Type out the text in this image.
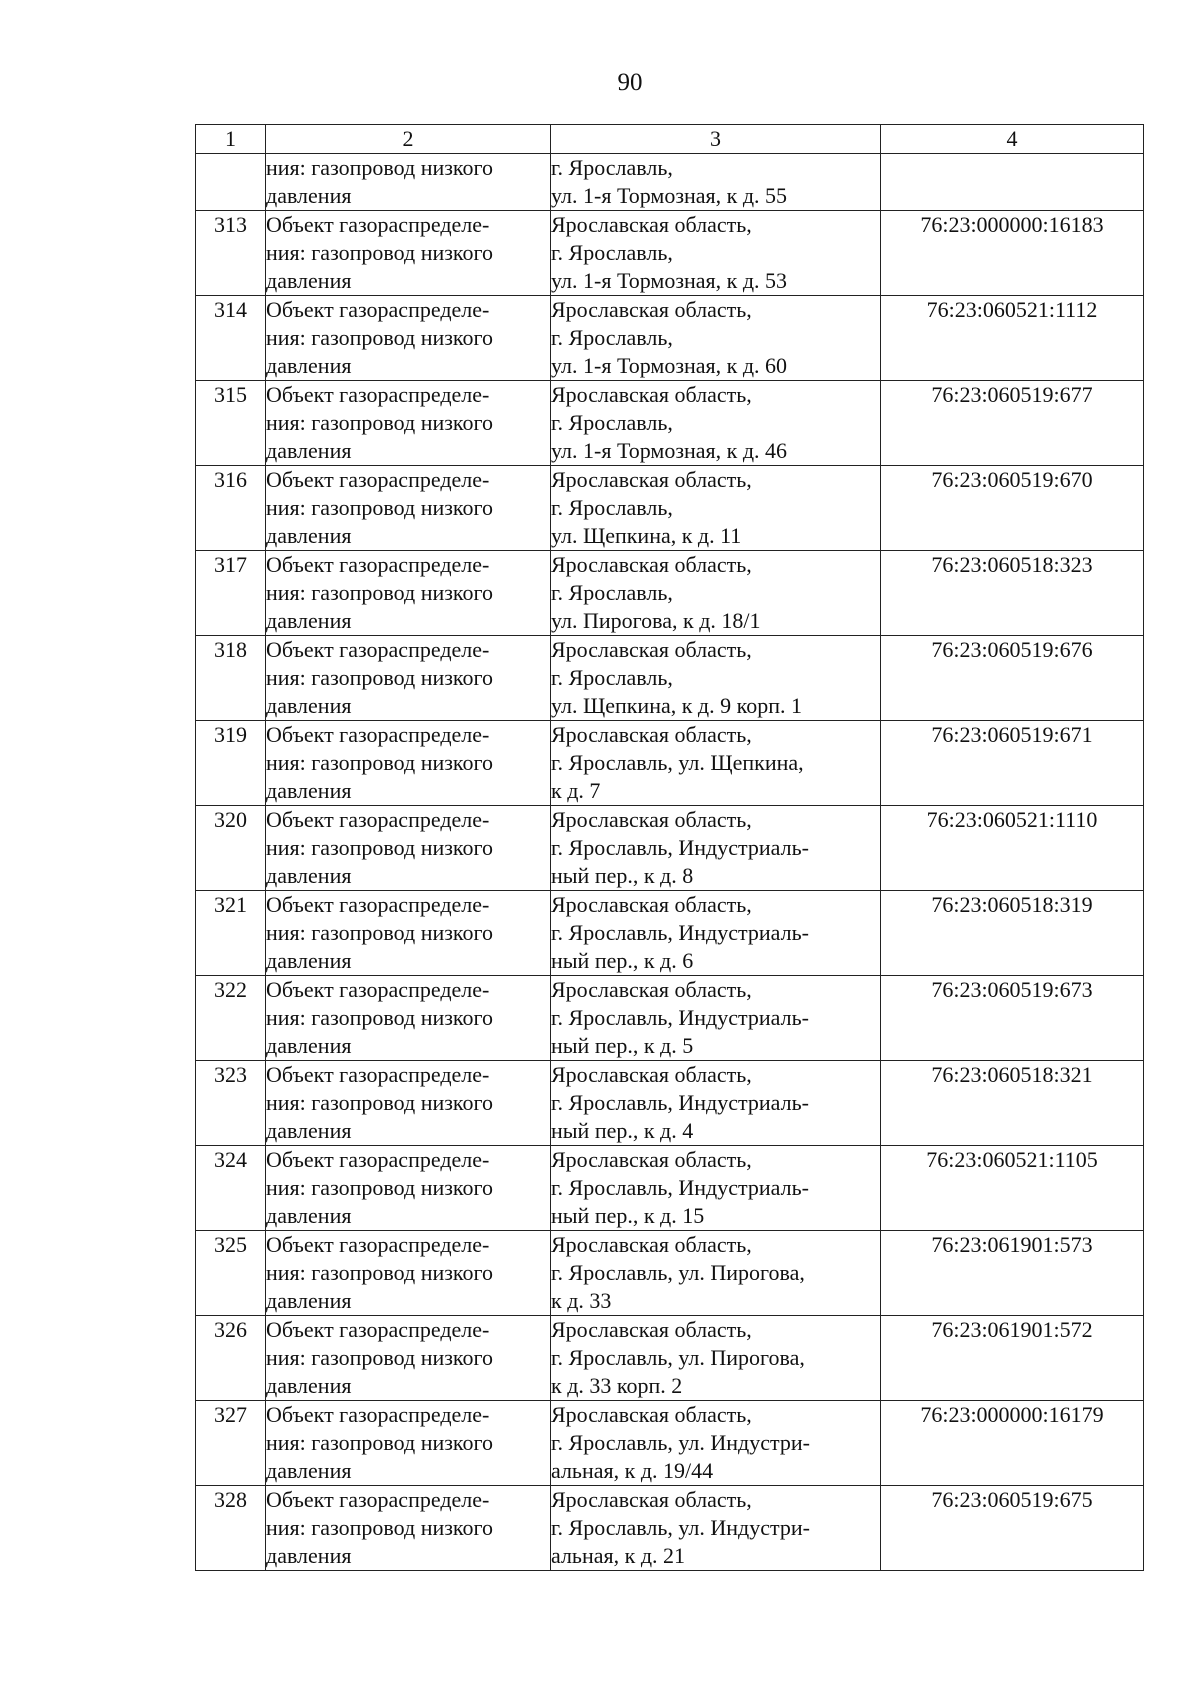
90
1	2	3	4

	ния: газопровод низкого
давления	г. Ярославль,
ул. 1-я Тормозная, к д. 55	

313	Объект газораспределе-
ния: газопровод низкого
давления	Ярославская область,
г. Ярославль,
ул. 1-я Тормозная, к д. 53	76:23:000000:16183
314	Объект газораспределе-
ния: газопровод низкого
давления	Ярославская область,
г. Ярославль,
ул. 1-я Тормозная, к д. 60	76:23:060521:1112
315	Объект газораспределе-
ния: газопровод низкого
давления	Ярославская область,
г. Ярославль,
ул. 1-я Тормозная, к д. 46	76:23:060519:677
316	Объект газораспределе-
ния: газопровод низкого
давления	Ярославская область,
г. Ярославль,
ул. Щепкина, к д. 11	76:23:060519:670
317	Объект газораспределе-
ния: газопровод низкого
давления	Ярославская область,
г. Ярославль,
ул. Пирогова, к д. 18/1	76:23:060518:323
318	Объект газораспределе-
ния: газопровод низкого
давления	Ярославская область,
г. Ярославль,
ул. Щепкина, к д. 9 корп. 1	76:23:060519:676
319	Объект газораспределе-
ния: газопровод низкого
давления	Ярославская область,
г. Ярославль, ул. Щепкина,
к д. 7	76:23:060519:671
320	Объект газораспределе-
ния: газопровод низкого
давления	Ярославская область,
г. Ярославль, Индустриаль-
ный пер., к д. 8	76:23:060521:1110
321	Объект газораспределе-
ния: газопровод низкого
давления	Ярославская область,
г. Ярославль, Индустриаль-
ный пер., к д. 6	76:23:060518:319
322	Объект газораспределе-
ния: газопровод низкого
давления	Ярославская область,
г. Ярославль, Индустриаль-
ный пер., к д. 5	76:23:060519:673
323	Объект газораспределе-
ния: газопровод низкого
давления	Ярославская область,
г. Ярославль, Индустриаль-
ный пер., к д. 4	76:23:060518:321
324	Объект газораспределе-
ния: газопровод низкого
давления	Ярославская область,
г. Ярославль, Индустриаль-
ный пер., к д. 15	76:23:060521:1105
325	Объект газораспределе-
ния: газопровод низкого
давления	Ярославская область,
г. Ярославль, ул. Пирогова,
к д. 33	76:23:061901:573
326	Объект газораспределе-
ния: газопровод низкого
давления	Ярославская область,
г. Ярославль, ул. Пирогова,
к д. 33 корп. 2	76:23:061901:572
327	Объект газораспределе-
ния: газопровод низкого
давления	Ярославская область,
г. Ярославль, ул. Индустри-
альная, к д. 19/44	76:23:000000:16179
328	Объект газораспределе-
ния: газопровод низкого
давления	Ярославская область,
г. Ярославль, ул. Индустри-
альная, к д. 21	76:23:060519:675
